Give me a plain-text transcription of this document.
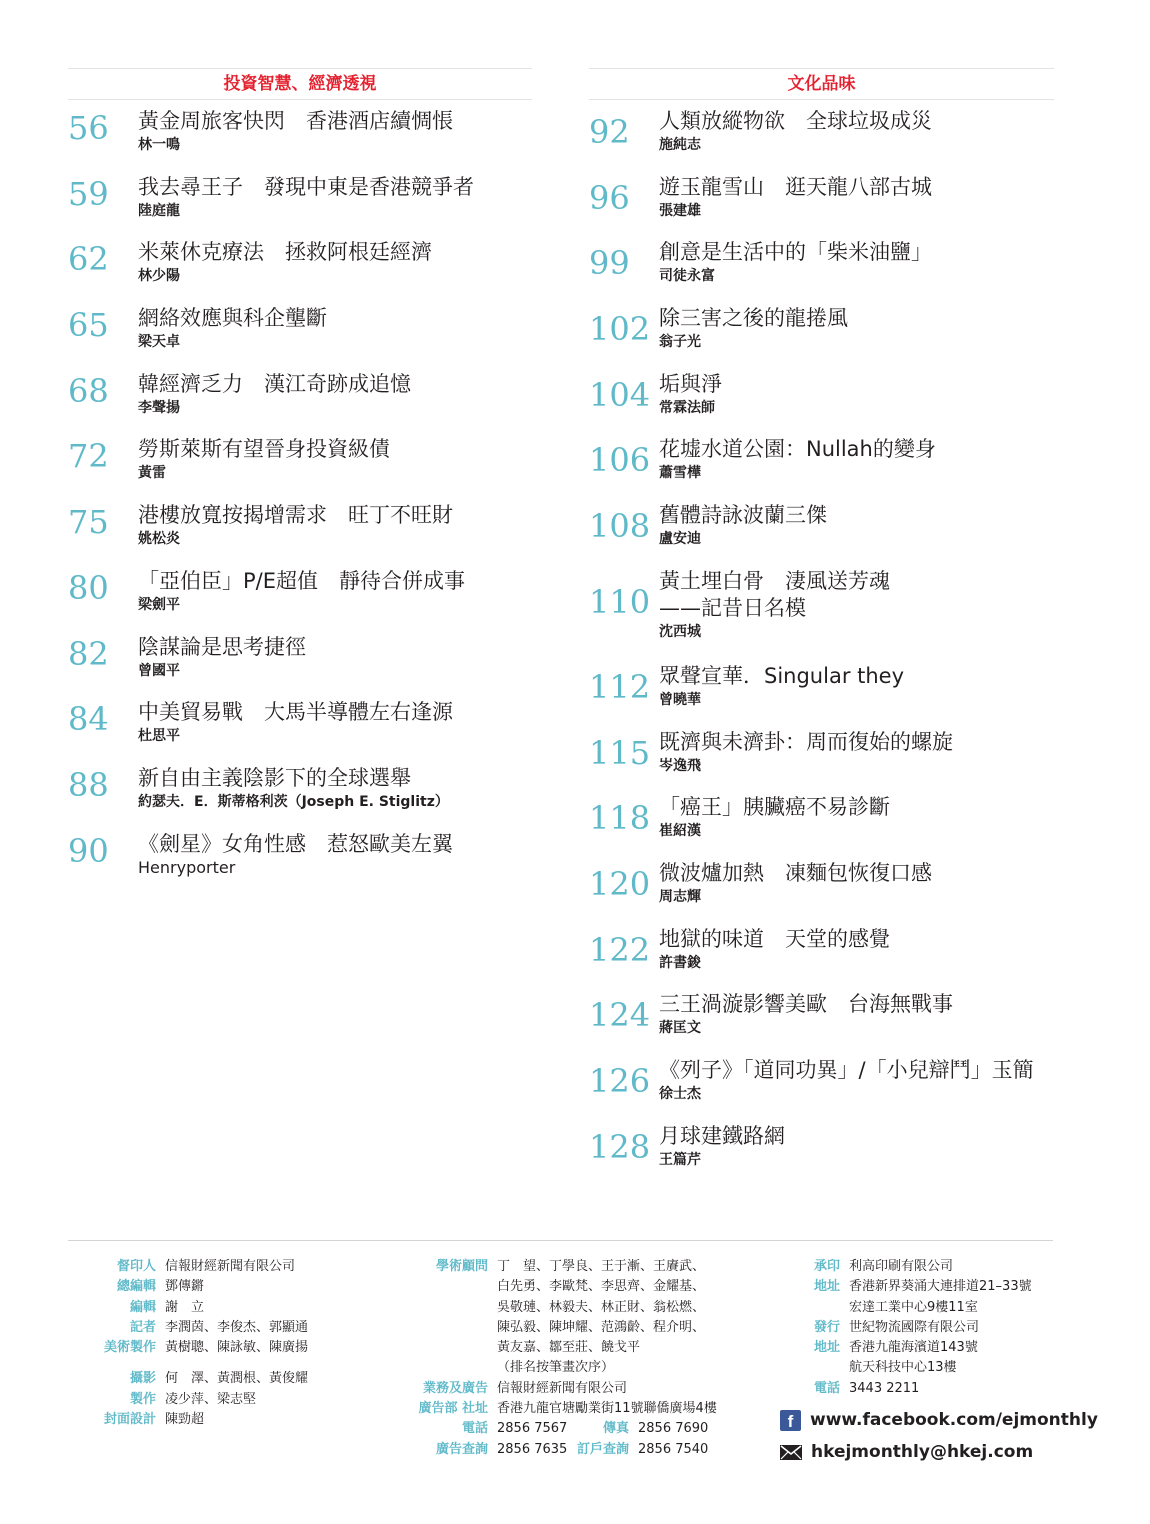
投資智慧、經濟透視
56 黃金周旅客快閃　香港酒店續惆悵
林一鳴
59 我去尋王子　發現中東是香港競爭者
陸庭龍
62 米萊休克療法　拯救阿根廷經濟
林少陽
65 網絡效應與科企壟斷
梁天卓
68 韓經濟乏力　漢江奇跡成追憶
李聲揚
72 勞斯萊斯有望晉身投資級債
黃雷
75 港樓放寬按揭增需求　旺丁不旺財
姚松炎
80 「亞伯臣」P/E超值　靜待合併成事
梁劍平
82 陰謀論是思考捷徑
曾國平
84 中美貿易戰　大馬半導體左右逢源
杜思平
88 新自由主義陰影下的全球選舉
約瑟夫．E．斯蒂格利茨（Joseph E. Stiglitz）
90 《劍星》女角性感　惹怒歐美左翼
Henryporter
文化品味
92 人類放縱物欲　全球垃圾成災
施純志
96 遊玉龍雪山　逛天龍八部古城
張建雄
99 創意是生活中的「柴米油鹽」
司徒永富
102 除三害之後的龍捲風
翁子光
104 垢與淨
常霖法師
106 花墟水道公園：Nullah的變身
蕭雪樺
108 舊體詩詠波蘭三傑
盧安迪
110
黃土埋白骨　淒風送芳魂
——記昔日名模
沈西城
112 眾聲宣華．Singular they
曾曉華
115 既濟與未濟卦：周而復始的螺旋
岑逸飛
118 「癌王」胰臟癌不易診斷
崔紹漢
120 微波爐加熱　凍麵包恢復口感
周志輝
122 地獄的味道　天堂的感覺
許書鋑
124 三王渦漩影響美歐　台海無戰事
蔣匡文
126 《列子》「道同功異」/「小兒辯鬥」玉簡
徐士杰
128 月球建鐵路網
王篇芹
督印人 信報財經新聞有限公司
總編輯 鄧傳鏘
編輯 謝　立
記者 李潤茵、李俊杰、郭顯通
美術製作 黃樹聰、陳詠敏、陳廣揚
攝影 何　澤、黃潤根、黃俊耀
製作 凌少萍、梁志堅
封面設計 陳勁超
學術顧問 丁　望、丁學良、王于漸、王賡武、
白先勇、李歐梵、李思齊、金耀基、
吳敬璉、林毅夫、林正財、翁松燃、
陳弘毅、陳坤耀、范鴻齡、程介明、
黃友嘉、鄒至莊、饒戈平
（排名按筆畫次序）
業務及廣告 信報財經新聞有限公司
廣告部 社址 香港九龍官塘勵業街11號聯僑廣場4樓
電話 2856 7567	傳真 2856 7690
廣告查詢 2856 7635 訂戶查詢 2856 7540
承印 利高印刷有限公司
地址 香港新界葵涌大連排道21–33號
宏達工業中心9樓11室
發行 世紀物流國際有限公司
地址 香港九龍海濱道143號
航天科技中心13樓
電話 3443 2211
f www.facebook.com/ejmonthly
hkejmonthly@hkej.com
